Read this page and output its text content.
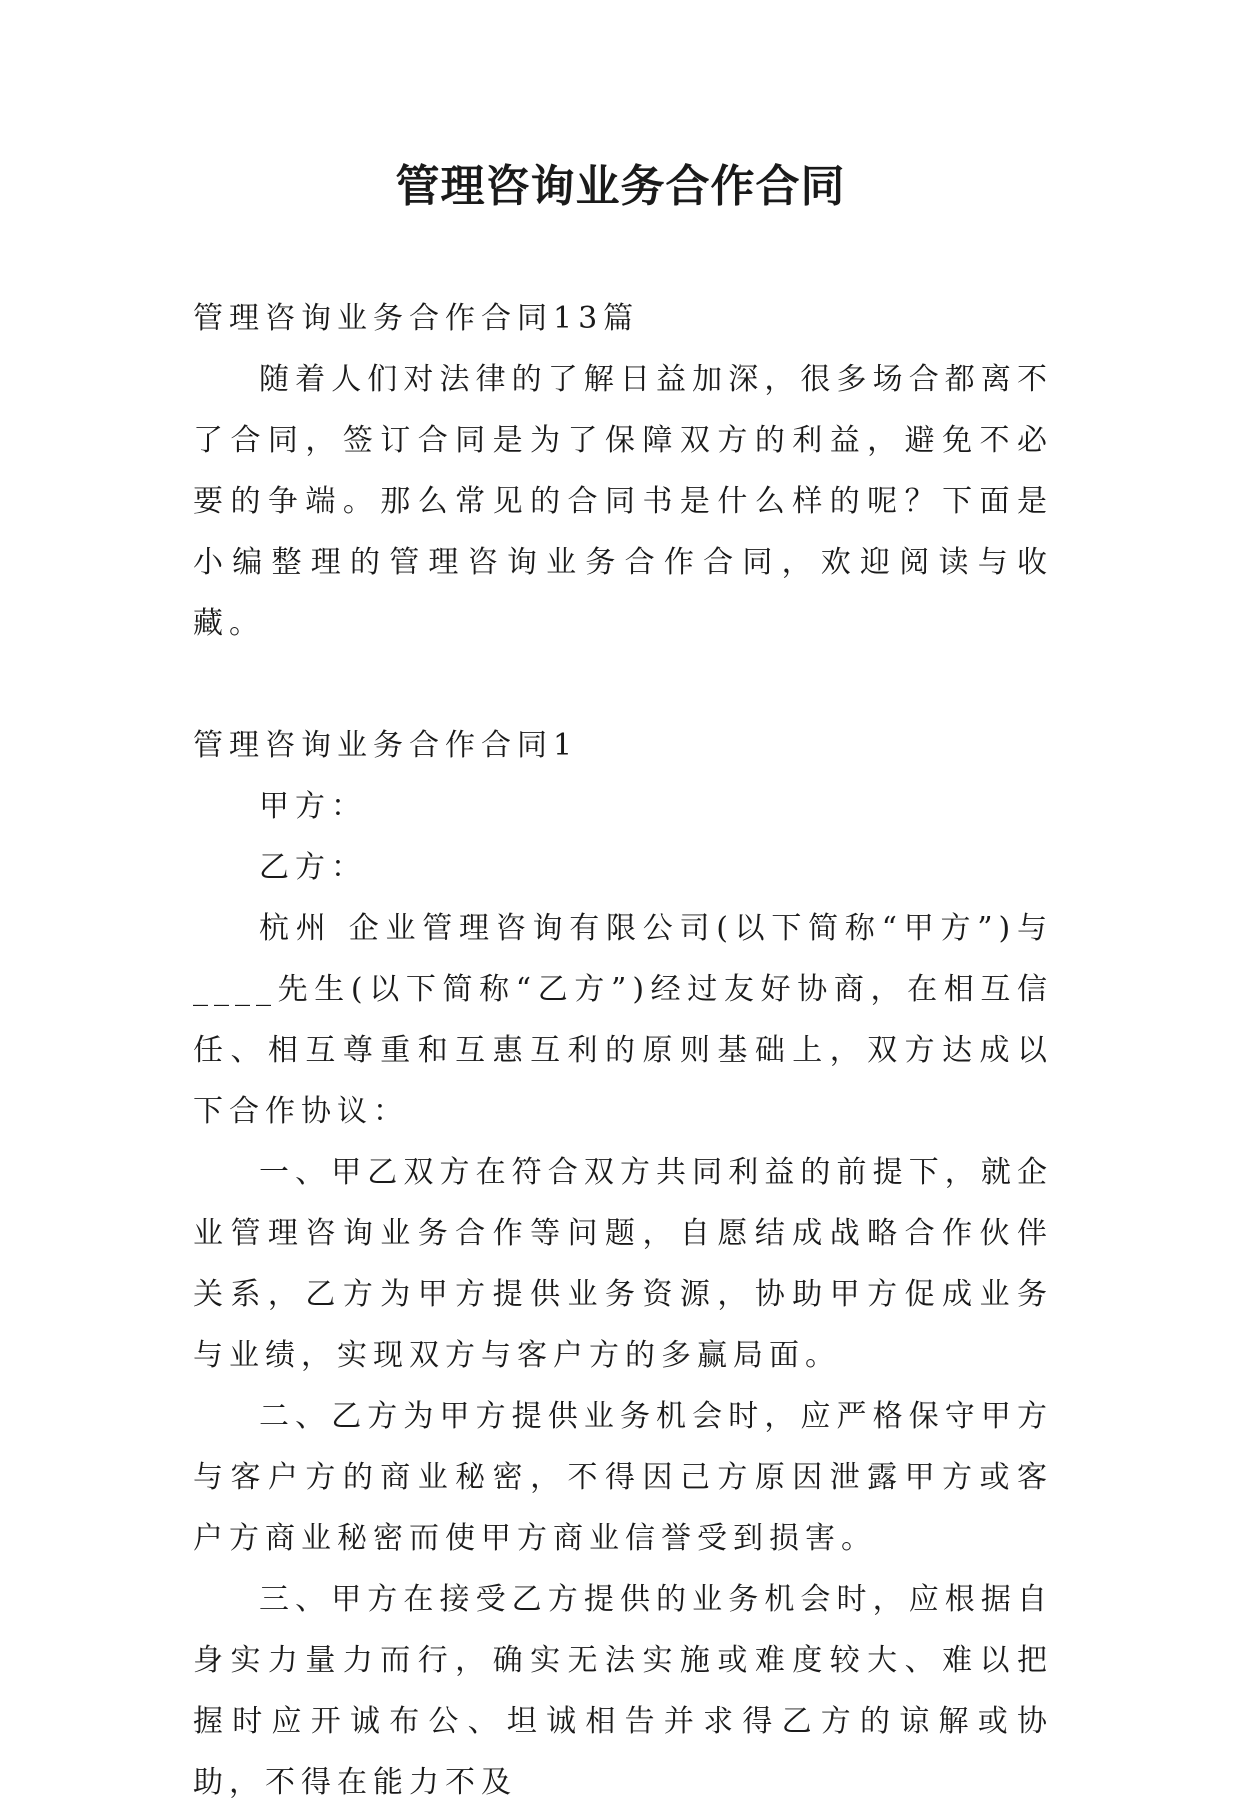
管理咨询业务合作合同

管理咨询业务合作合同13篇

随着人们对法律的了解日益加深，很多场合都离不了合同，签订合同是为了保障双方的利益，避免不必要的争端。那么常见的合同书是什么样的呢？下面是小编整理的管理咨询业务合作合同，欢迎阅读与收藏。

管理咨询业务合作合同1

甲方：

乙方：

杭州 企业管理咨询有限公司(以下简称“甲方”)与____先生(以下简称“乙方”)经过友好协商，在相互信任、相互尊重和互惠互利的原则基础上，双方达成以下合作协议：

一、甲乙双方在符合双方共同利益的前提下，就企业管理咨询业务合作等问题，自愿结成战略合作伙伴关系，乙方为甲方提供业务资源，协助甲方促成业务与业绩，实现双方与客户方的多赢局面。

二、乙方为甲方提供业务机会时，应严格保守甲方与客户方的商业秘密，不得因己方原因泄露甲方或客户方商业秘密而使甲方商业信誉受到损害。

三、甲方在接受乙方提供的业务机会时，应根据自身实力量力而行，确实无法实施或难度较大、难以把握时应开诚布公、坦诚相告并求得乙方的谅解或协助，不得在能力不及
